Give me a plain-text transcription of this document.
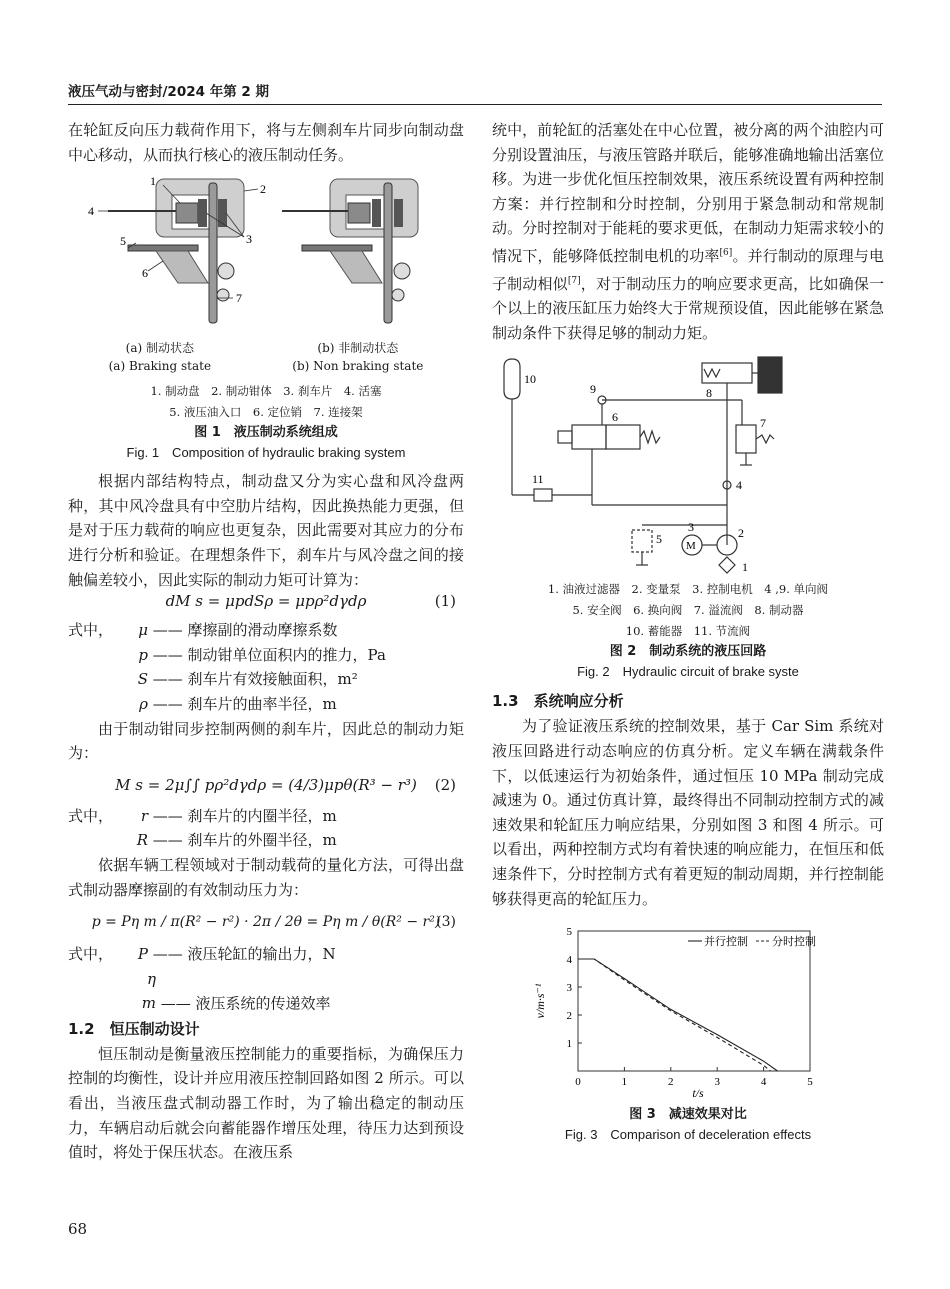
液压气动与密封/2024 年第 2 期

在轮缸反向压力载荷作用下，将与左侧刹车片同步向制动盘中心移动，从而执行核心的液压制动任务。

1
2
3
4
5
6
7
(a) 制动状态
(a) Braking state
(b) 非制动状态
(b) Non braking state
1. 制动盘　2. 制动钳体　3. 刹车片　4. 活塞
5. 液压油入口　6. 定位销　7. 连接架
图 1　液压制动系统组成
Fig. 1　Composition of hydraulic braking system

根据内部结构特点，制动盘又分为实心盘和风冷盘两种，其中风冷盘具有中空肋片结构，因此换热能力更强，但是对于压力载荷的响应也更复杂，因此需要对其应力的分布进行分析和验证。在理想条件下，刹车片与风冷盘之间的接触偏差较小，因此实际的制动力矩可计算为：

dM s = μpdSρ = μpρ²dγdρ	(1)
式中，	μ —— 摩擦副的滑动摩擦系数
p —— 制动钳单位面积内的推力，Pa
S —— 刹车片有效接触面积，m²
ρ —— 刹车片的曲率半径，m

由于制动钳同步控制两侧的刹车片，因此总的制动力矩为：

M s = 2μ∫∫ pρ²dγdρ = (4/3)μpθ(R³ − r³) (2)
式中，	r —— 刹车片的内圈半径，m
R —— 刹车片的外圈半径，m

依据车辆工程领域对于制动载荷的量化方法，可得出盘式制动器摩擦副的有效制动压力为：

p = Pη m / π(R² − r²) · 2π / 2θ = Pη m / θ(R² − r²)
(3)
式中，	P —— 液压轮缸的输出力，N
η m —— 液压系统的传递效率
1.2　恒压制动设计

恒压制动是衡量液压控制能力的重要指标，为确保压力控制的均衡性，设计并应用液压控制回路如图 2 所示。可以看出，当液压盘式制动器工作时，为了输出稳定的制动压力，车辆启动后就会向蓄能器作增压处理，待压力达到预设值时，将处于保压状态。在液压系

统中，前轮缸的活塞处在中心位置，被分离的两个油腔内可分别设置油压，与液压管路并联后，能够准确地输出活塞位移。为进一步优化恒压控制效果，液压系统设置有两种控制方案：并行控制和分时控制，分别用于紧急制动和常规制动。分时控制对于能耗的要求更低，在制动力矩需求较小的情况下，能够降低控制电机的功率[6]。并行制动的原理与电子制动相似[7]，对于制动压力的响应要求更高，比如确保一个以上的液压缸压力始终大于常规预设值，因此能够在紧急制动条件下获得足够的制动力矩。

M
1
2
3
4
5
6	7
8
9
10
11
1. 油液过滤器　2. 变量泵　3. 控制电机　4 ,9. 单向阀
5. 安全阀　6. 换向阀　7. 溢流阀　8. 制动器
10. 蓄能器　11. 节流阀
图 2　制动系统的液压回路
Fig. 2　Hydraulic circuit of brake syste
1.3　系统响应分析

为了验证液压系统的控制效果，基于 Car Sim 系统对液压回路进行动态响应的仿真分析。定义车辆在满载条件下，以低速运行为初始条件，通过恒压 10 MPa 制动完成减速为 0。通过仿真计算，最终得出不同制动控制方式的减速效果和轮缸压力响应结果，分别如图 3 和图 4 所示。可以看出，两种控制方式均有着快速的响应能力，在恒压和低速条件下，分时控制方式有着更短的制动周期，并行控制能够获得更高的轮缸压力。

0	1	2	3	4	5
1
2
3
4
5
并行控制 分时控制
t/s
v/m·s⁻¹
图 3　减速效果对比
Fig. 3　Comparison of deceleration effects
68
